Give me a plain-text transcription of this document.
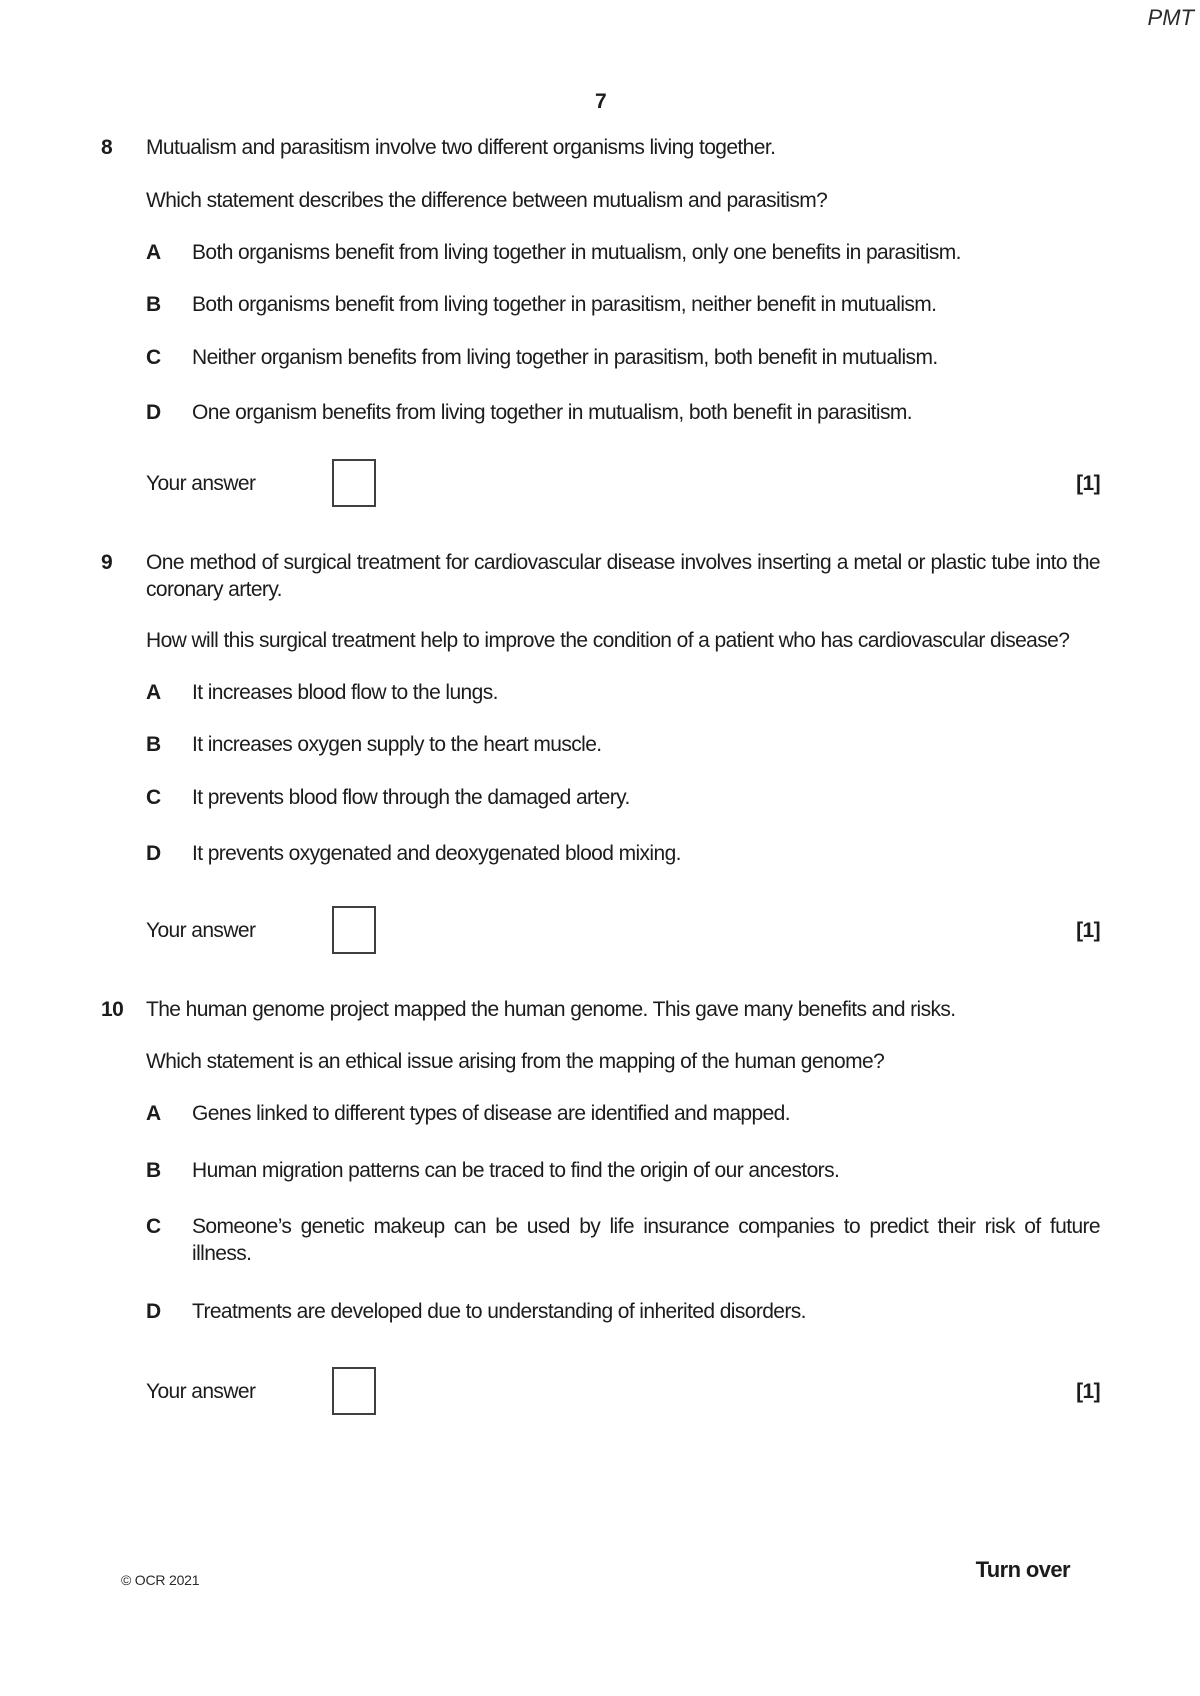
PMT
7
8	Mutualism and parasitism involve two different organisms living together.

Which statement describes the difference between mutualism and parasitism?

A	Both organisms benefit from living together in mutualism, only one benefits in parasitism.
B	Both organisms benefit from living together in parasitism, neither benefit in mutualism.
C	Neither organism benefits from living together in parasitism, both benefit in mutualism.
D	One organism benefits from living together in mutualism, both benefit in parasitism.
Your answer	[1]
9	One method of surgical treatment for cardiovascular disease involves inserting a metal or plastic tube into the coronary artery.

How will this surgical treatment help to improve the condition of a patient who has cardiovascular disease?

A	It increases blood flow to the lungs.
B	It increases oxygen supply to the heart muscle.
C	It prevents blood flow through the damaged artery.
D	It prevents oxygenated and deoxygenated blood mixing.
Your answer	[1]
10	The human genome project mapped the human genome. This gave many benefits and risks.

Which statement is an ethical issue arising from the mapping of the human genome?

A	Genes linked to different types of disease are identified and mapped.
B	Human migration patterns can be traced to find the origin of our ancestors.
C	Someone’s genetic makeup can be used by life insurance companies to predict their risk of future illness.
D	Treatments are developed due to understanding of inherited disorders.
Your answer	[1]
© OCR 2021	Turn over
